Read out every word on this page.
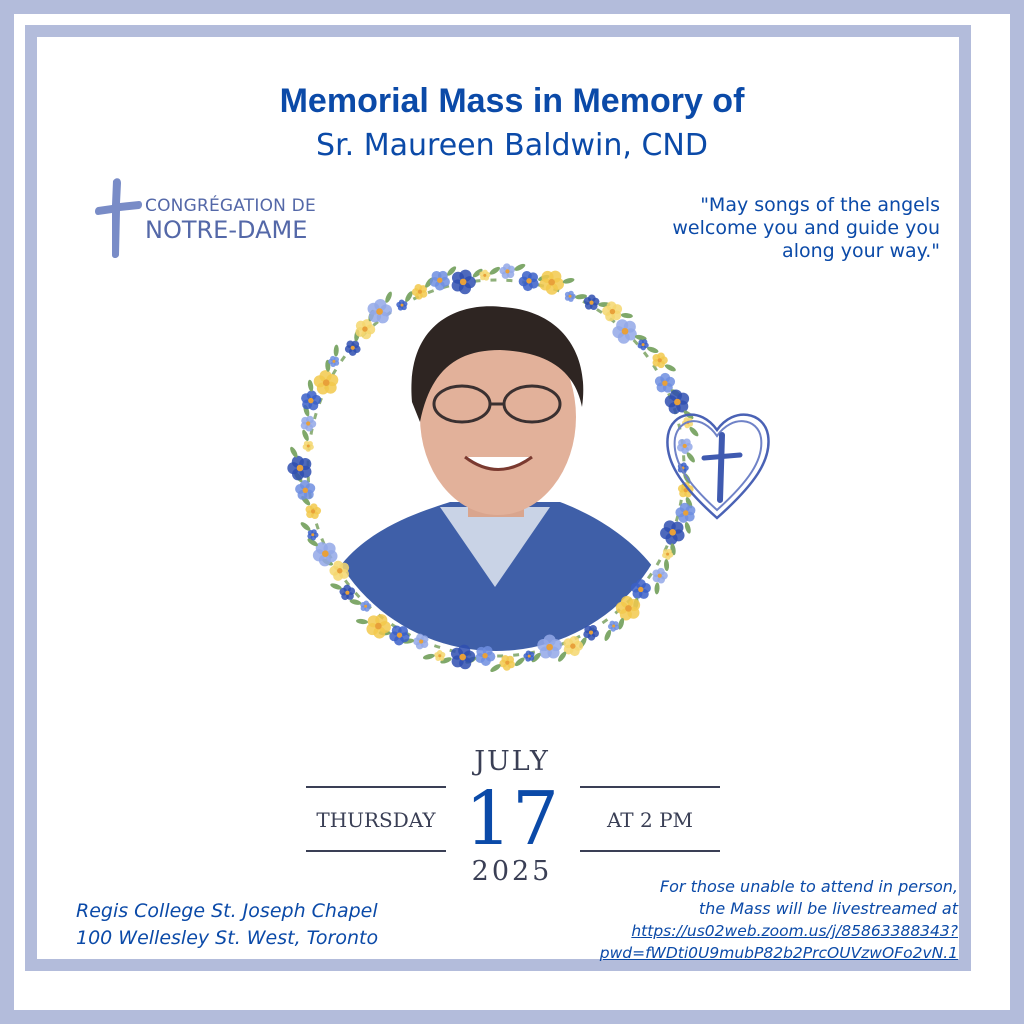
Memorial Mass in Memory of
Sr. Maureen Baldwin, CND
CONGRÉGATION DE
NOTRE-DAME
"May songs of the angels
welcome you and guide you
along your way."
JULY
17
2025
THURSDAY	AT 2 PM
Regis College St. Joseph Chapel
100 Wellesley St. West, Toronto
For those unable to attend in person,
the Mass will be livestreamed at
https://us02web.zoom.us/j/85863388343?
pwd=fWDti0U9mubP82b2PrcOUVzwOFo2vN.1
